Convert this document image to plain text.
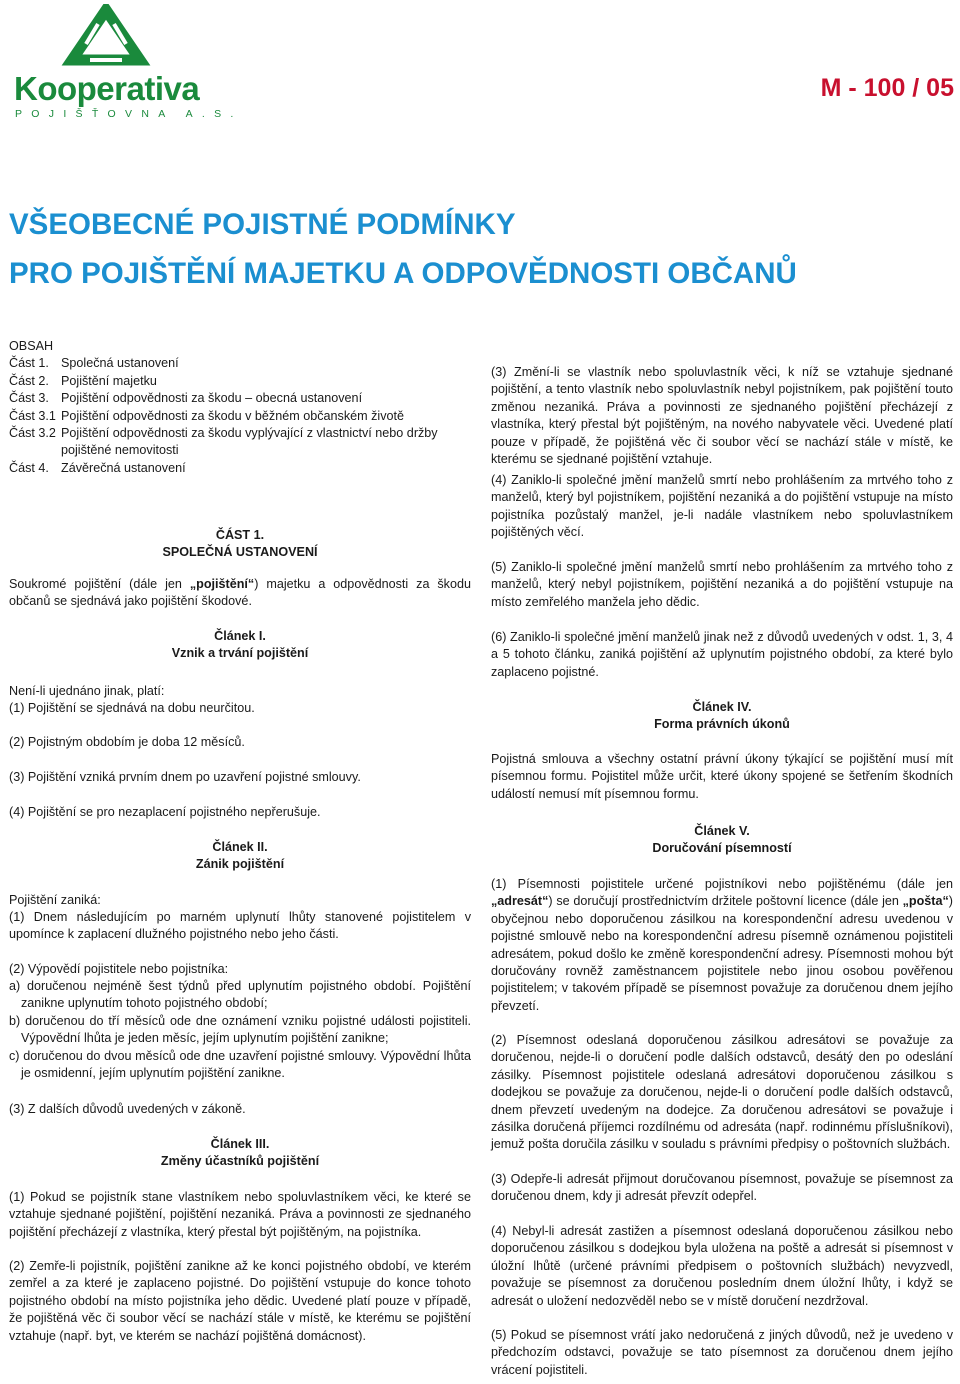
Kooperativa
POJIŠŤOVNA A.S.
M - 100 / 05
VŠEOBECNÉ POJISTNÉ PODMÍNKY
PRO POJIŠTĚNÍ MAJETKU A ODPOVĚDNOSTI OBČANŮ

OBSAH

Část 1. Společná ustanovení
Část 2. Pojištění majetku
Část 3. Pojištění odpovědnosti za škodu – obecná ustanovení
Část 3.1 Pojištění odpovědnosti za škodu v běžném občanském životě
Část 3.2 Pojištění odpovědnosti za škodu vyplývající z vlastnictví nebo držby pojištěné nemovitosti
Část 4. Závěrečná ustanovení

ČÁST 1.

SPOLEČNÁ USTANOVENÍ

Soukromé pojištění (dále jen „pojištění“) majetku a odpovědnosti za škodu občanů se sjednává jako pojištění škodové.

Článek I.

Vznik a trvání pojištění

Není-li ujednáno jinak, platí:

(1) Pojištění se sjednává na dobu neurčitou.

(2) Pojistným obdobím je doba 12 měsíců.

(3) Pojištění vzniká prvním dnem po uzavření pojistné smlouvy.

(4) Pojištění se pro nezaplacení pojistného nepřerušuje.

Článek II.

Zánik pojištění

Pojištění zaniká:

(1) Dnem následujícím po marném uplynutí lhůty stanovené pojistitelem v upomínce k zaplacení dlužného pojistného nebo jeho části.

(2) Výpovědí pojistitele nebo pojistníka:

a) doručenou nejméně šest týdnů před uplynutím pojistného období. Pojištění zanikne uplynutím tohoto pojistného období;

b) doručenou do tří měsíců ode dne oznámení vzniku pojistné události pojistiteli. Výpovědní lhůta je jeden měsíc, jejím uplynutím pojištění zanikne;

c) doručenou do dvou měsíců ode dne uzavření pojistné smlouvy. Výpovědní lhůta je osmidenní, jejím uplynutím pojištění zanikne.

(3) Z dalších důvodů uvedených v zákoně.

Článek III.

Změny účastníků pojištění

(1) Pokud se pojistník stane vlastníkem nebo spoluvlastníkem věci, ke které se vztahuje sjednané pojištění, pojištění nezaniká. Práva a povinnosti ze sjednaného pojištění přecházejí z vlastníka, který přestal být pojištěným, na pojistníka.

(2) Zemře-li pojistník, pojištění zanikne až ke konci pojistného období, ve kterém zemřel a za které je zaplaceno pojistné. Do pojištění vstupuje do konce tohoto pojistného období na místo pojistníka jeho dědic. Uvedené platí pouze v případě, že pojištěná věc či soubor věcí se nachází stále v místě, ke kterému se pojištění vztahuje (např. byt, ve kterém se nachází pojištěná domácnost).

(3) Změní-li se vlastník nebo spoluvlastník věci, k níž se vztahuje sjednané pojištění, a tento vlastník nebo spoluvlastník nebyl pojistníkem, pak pojištění touto změnou nezaniká. Práva a povinnosti ze sjednaného pojištění přecházejí z vlastníka, který přestal být pojištěným, na nového nabyvatele věci. Uvedené platí pouze v případě, že pojištěná věc či soubor věcí se nachází stále v místě, ke kterému se sjednané pojištění vztahuje.

(4) Zaniklo-li společné jmění manželů smrtí nebo prohlášením za mrtvého toho z manželů, který byl pojistníkem, pojištění nezaniká a do pojištění vstupuje na místo pojistníka pozůstalý manžel, je-li nadále vlastníkem nebo spoluvlastníkem pojištěných věcí.

(5) Zaniklo-li společné jmění manželů smrtí nebo prohlášením za mrtvého toho z manželů, který nebyl pojistníkem, pojištění nezaniká a do pojištění vstupuje na místo zemřelého manžela jeho dědic.

(6) Zaniklo-li společné jmění manželů jinak než z důvodů uvedených v odst. 1, 3, 4 a 5 tohoto článku, zaniká pojištění až uplynutím pojistného období, za které bylo zaplaceno pojistné.

Článek IV.

Forma právních úkonů

Pojistná smlouva a všechny ostatní právní úkony týkající se pojištění musí mít písemnou formu. Pojistitel může určit, které úkony spojené se šetřením škodních událostí nemusí mít písemnou formu.

Článek V.

Doručování písemností

(1) Písemnosti pojistitele určené pojistníkovi nebo pojištěnému (dále jen „adresát“) se doručují prostřednictvím držitele poštovní licence (dále jen „pošta“) obyčejnou nebo doporučenou zásilkou na korespondenční adresu uvedenou v pojistné smlouvě nebo na korespondenční adresu písemně oznámenou pojistiteli adresátem, pokud došlo ke změně korespondenční adresy. Písemnosti mohou být doručovány rovněž zaměstnancem pojistitele nebo jinou osobou pověřenou pojistitelem; v takovém případě se písemnost považuje za doručenou dnem jejího převzetí.

(2) Písemnost odeslaná doporučenou zásilkou adresátovi se považuje za doručenou, nejde-li o doručení podle dalších odstavců, desátý den po odeslání zásilky. Písemnost pojistitele odeslaná adresátovi doporučenou zásilkou s dodejkou se považuje za doručenou, nejde-li o doručení podle dalších odstavců, dnem převzetí uvedeným na dodejce. Za doručenou adresátovi se považuje i zásilka doručená příjemci rozdílnému od adresáta (např. rodinnému příslušníkovi), jemuž pošta doručila zásilku v souladu s právními předpisy o poštovních službách.

(3) Odepře-li adresát přijmout doručovanou písemnost, považuje se písemnost za doručenou dnem, kdy ji adresát převzít odepřel.

(4) Nebyl-li adresát zastižen a písemnost odeslaná doporučenou zásilkou nebo doporučenou zásilkou s dodejkou byla uložena na poště a adresát si písemnost v úložní lhůtě (určené právními předpisem o poštovních službách) nevyzvedl, považuje se písemnost za doručenou posledním dnem úložní lhůty, i když se adresát o uložení nedozvěděl nebo se v místě doručení nezdržoval.

(5) Pokud se písemnost vrátí jako nedoručená z jiných důvodů, než je uvedeno v předchozím odstavci, považuje se tato písemnost za doručenou dnem jejího vrácení pojistiteli.
